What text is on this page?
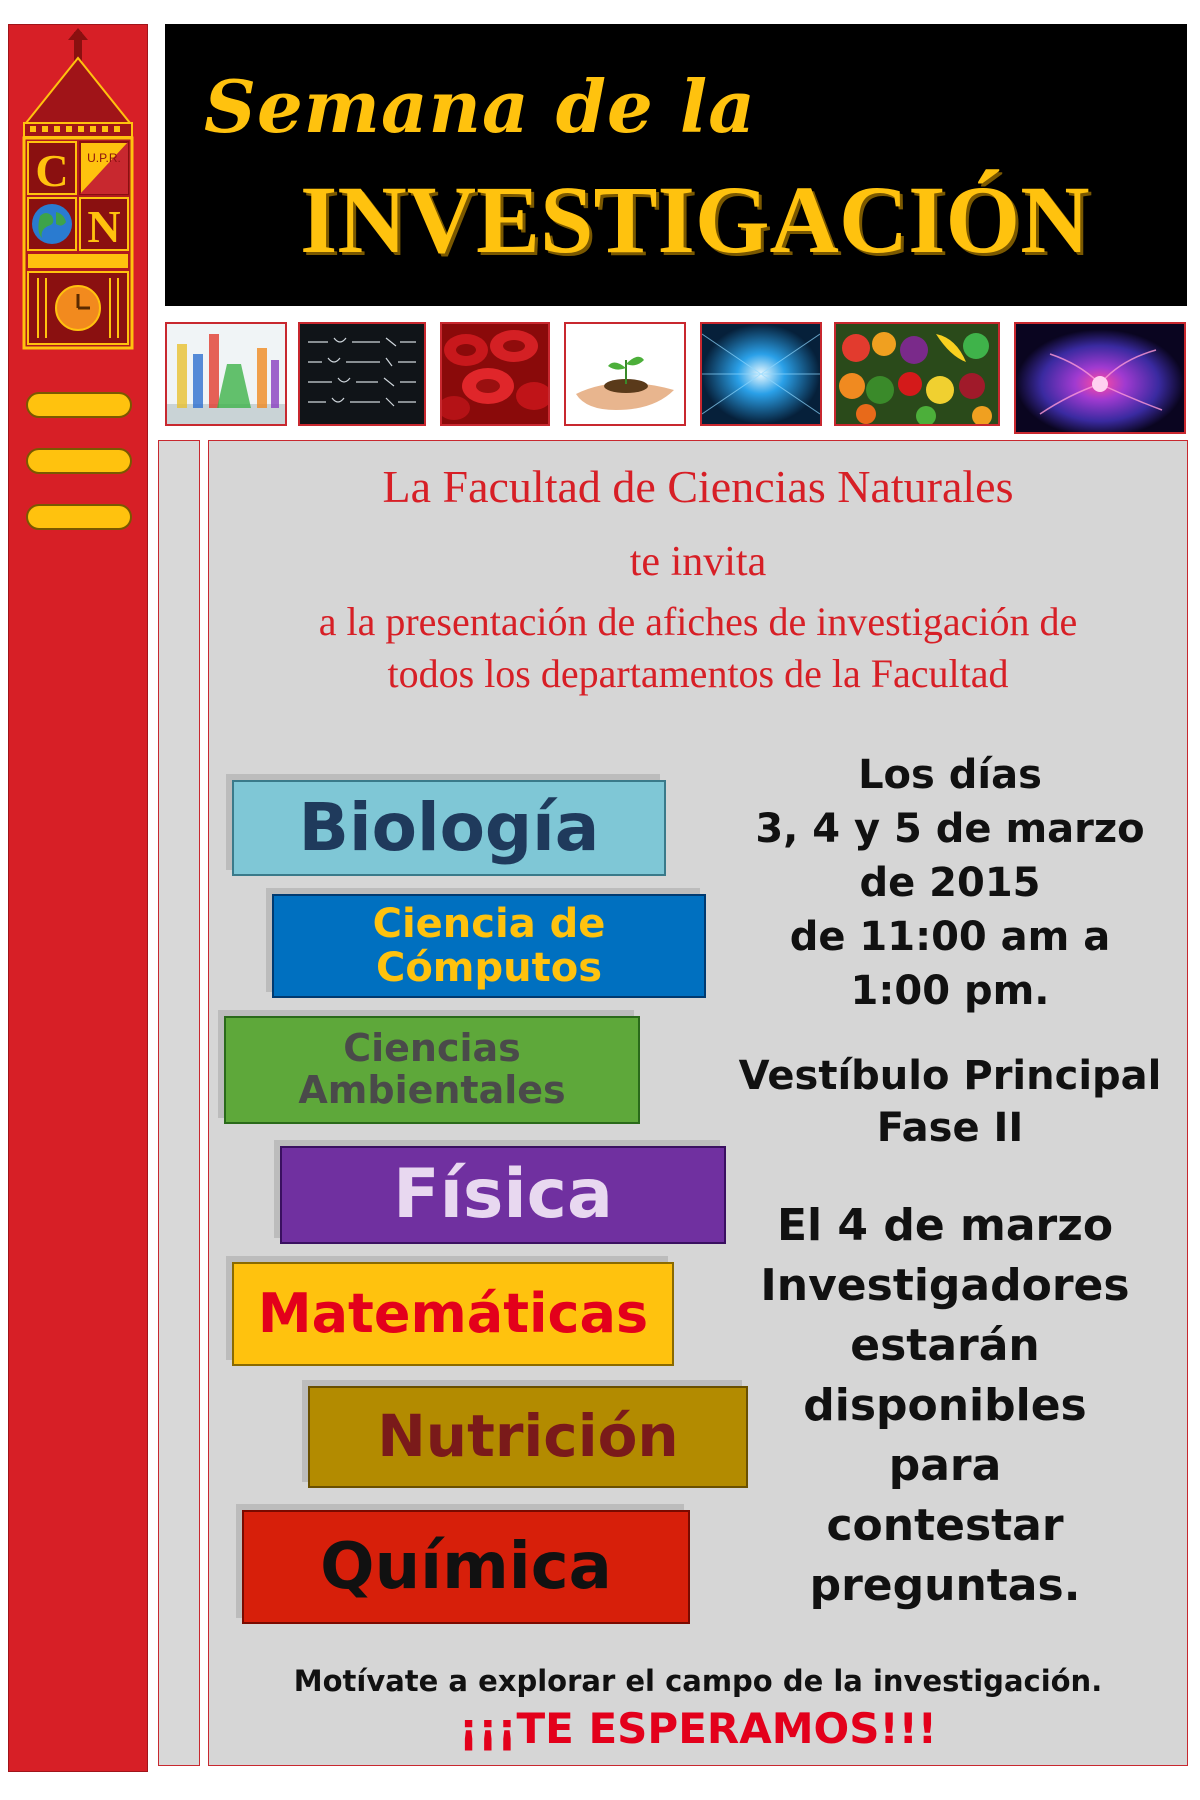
C U.P.R.
N
Semana de la
INVESTIGACIÓN
La Facultad de Ciencias Naturales
te invita
a la presentación de afiches de investigación de
todos los departamentos de la Facultad
Biología
Ciencia de Cómputos
Ciencias Ambientales
Física
Matemáticas
Nutrición
Química
Los días
3, 4 y 5 de marzo
de 2015
de 11:00 am a
1:00 pm.
Vestíbulo Principal
Fase II
El 4 de marzo
Investigadores
estarán
disponibles
para
contestar
preguntas.
Motívate a explorar el campo de la investigación.
¡¡¡TE ESPERAMOS!!!
